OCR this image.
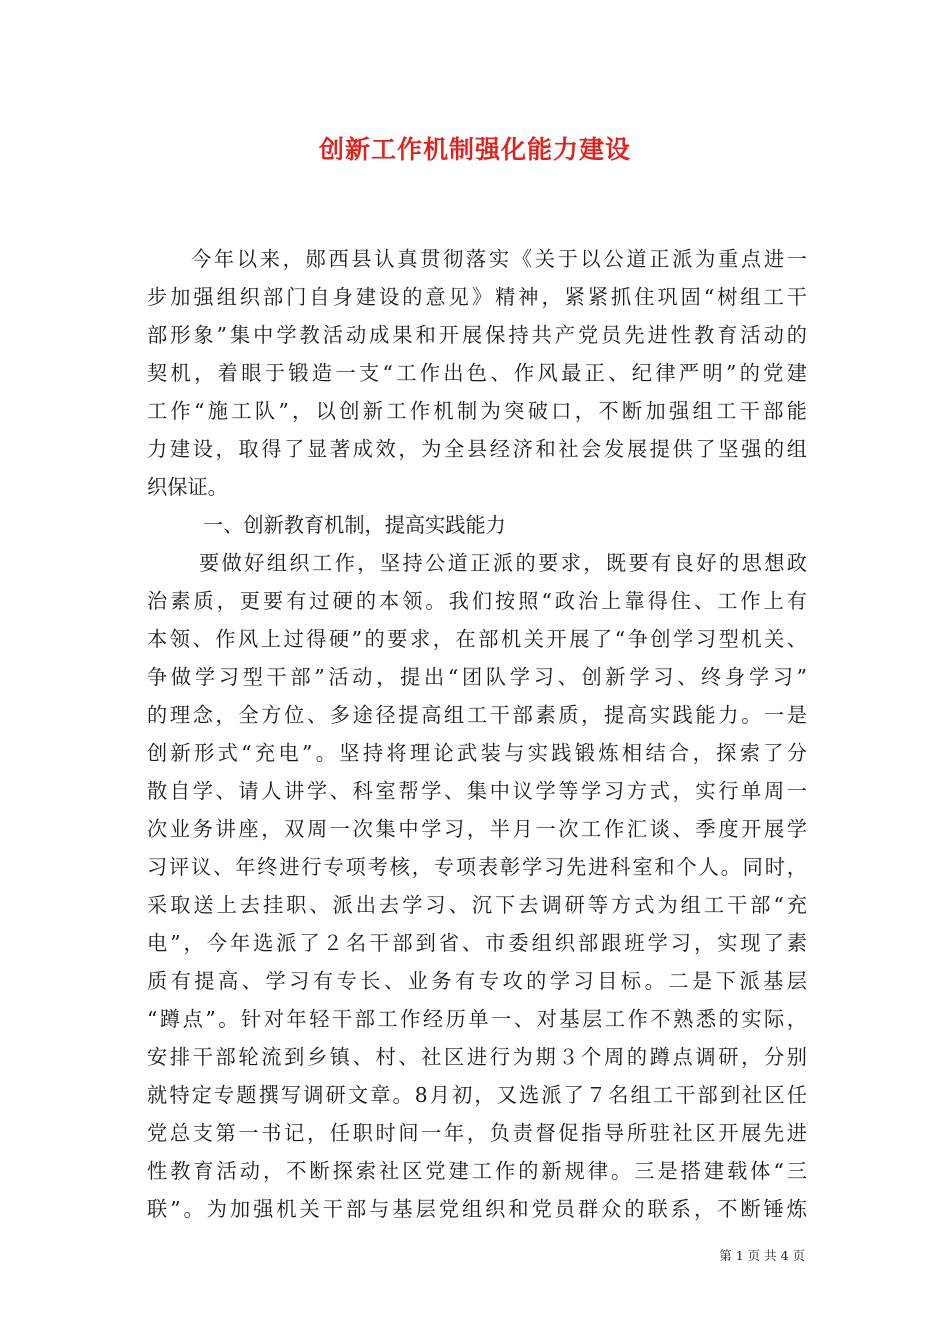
创新工作机制强化能力建设
今年以来，郧西县认真贯彻落实《关于以公道正派为重点进一
步加强组织部门自身建设的意见》精神，紧紧抓住巩固“树组工干
部形象”集中学教活动成果和开展保持共产党员先进性教育活动的
契机，着眼于锻造一支“工作出色、作风最正、纪律严明”的党建
工作“施工队”，以创新工作机制为突破口，不断加强组工干部能
力建设，取得了显著成效，为全县经济和社会发展提供了坚强的组
织保证。
一、创新教育机制，提高实践能力
要做好组织工作，坚持公道正派的要求，既要有良好的思想政
治素质，更要有过硬的本领。我们按照“政治上靠得住、工作上有
本领、作风上过得硬”的要求，在部机关开展了“争创学习型机关、
争做学习型干部”活动，提出“团队学习、创新学习、终身学习”
的理念，全方位、多途径提高组工干部素质，提高实践能力。一是
创新形式“充电”。坚持将理论武装与实践锻炼相结合，探索了分
散自学、请人讲学、科室帮学、集中议学等学习方式，实行单周一
次业务讲座，双周一次集中学习，半月一次工作汇谈、季度开展学
习评议、年终进行专项考核，专项表彰学习先进科室和个人。同时，
采取送上去挂职、派出去学习、沉下去调研等方式为组工干部“充
电”，今年选派了２名干部到省、市委组织部跟班学习，实现了素
质有提高、学习有专长、业务有专攻的学习目标。二是下派基层
“蹲点”。针对年轻干部工作经历单一、对基层工作不熟悉的实际，
安排干部轮流到乡镇、村、社区进行为期３个周的蹲点调研，分别
就特定专题撰写调研文章。8月初，又选派了７名组工干部到社区任
党总支第一书记，任职时间一年，负责督促指导所驻社区开展先进
性教育活动，不断探索社区党建工作的新规律。三是搭建载体“三
联”。为加强机关干部与基层党组织和党员群众的联系，不断锤炼
第 1 页 共 4 页
